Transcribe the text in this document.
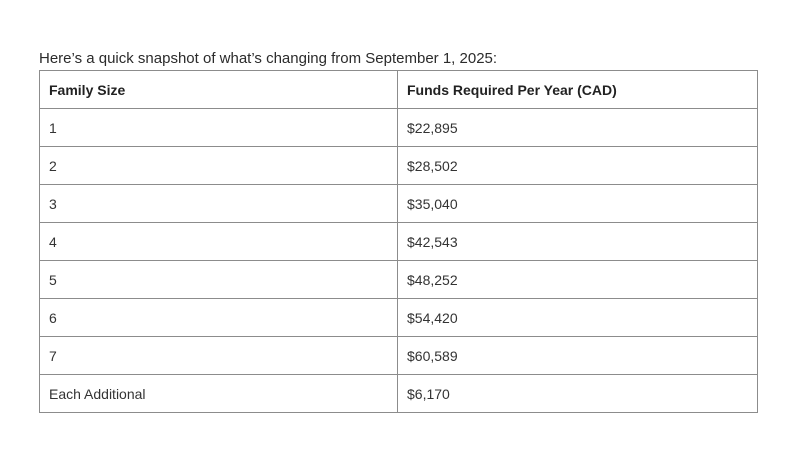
Here’s a quick snapshot of what’s changing from September 1, 2025:

Family Size	Funds Required Per Year (CAD)
1	$22,895
2	$28,502
3	$35,040
4	$42,543
5	$48,252
6	$54,420
7	$60,589
Each Additional	$6,170
